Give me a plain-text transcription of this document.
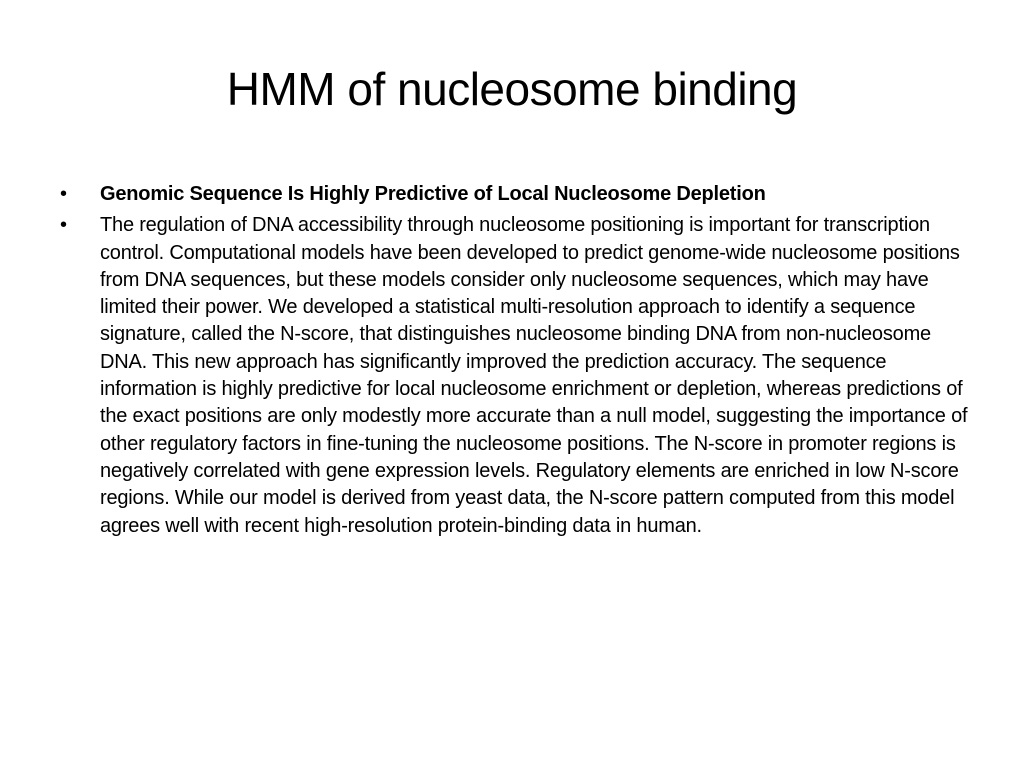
HMM of nucleosome binding
•	Genomic Sequence Is Highly Predictive of Local Nucleosome Depletion
•	The regulation of DNA accessibility through nucleosome positioning is important for transcription control. Computational models have been developed to predict genome-wide nucleosome positions from DNA sequences, but these models consider only nucleosome sequences, which may have limited their power. We developed a statistical multi-resolution approach to identify a sequence signature, called the N-score, that distinguishes nucleosome binding DNA from non-nucleosome DNA. This new approach has significantly improved the prediction accuracy. The sequence information is highly predictive for local nucleosome enrichment or depletion, whereas predictions of the exact positions are only modestly more accurate than a null model, suggesting the importance of other regulatory factors in fine-tuning the nucleosome positions. The N-score in promoter regions is negatively correlated with gene expression levels. Regulatory elements are enriched in low N-score regions. While our model is derived from yeast data, the N-score pattern computed from this model agrees well with recent high-resolution protein-binding data in human.
